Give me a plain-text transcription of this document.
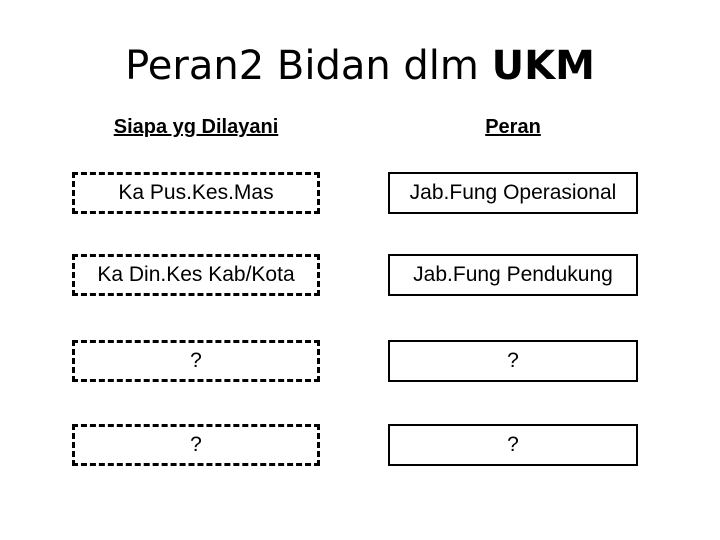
Peran2 Bidan dlm UKM
Siapa yg Dilayani	Peran
Ka Pus.Kes.Mas	Jab.Fung Operasional
Ka Din.Kes Kab/Kota	Jab.Fung Pendukung
?	?
?	?
